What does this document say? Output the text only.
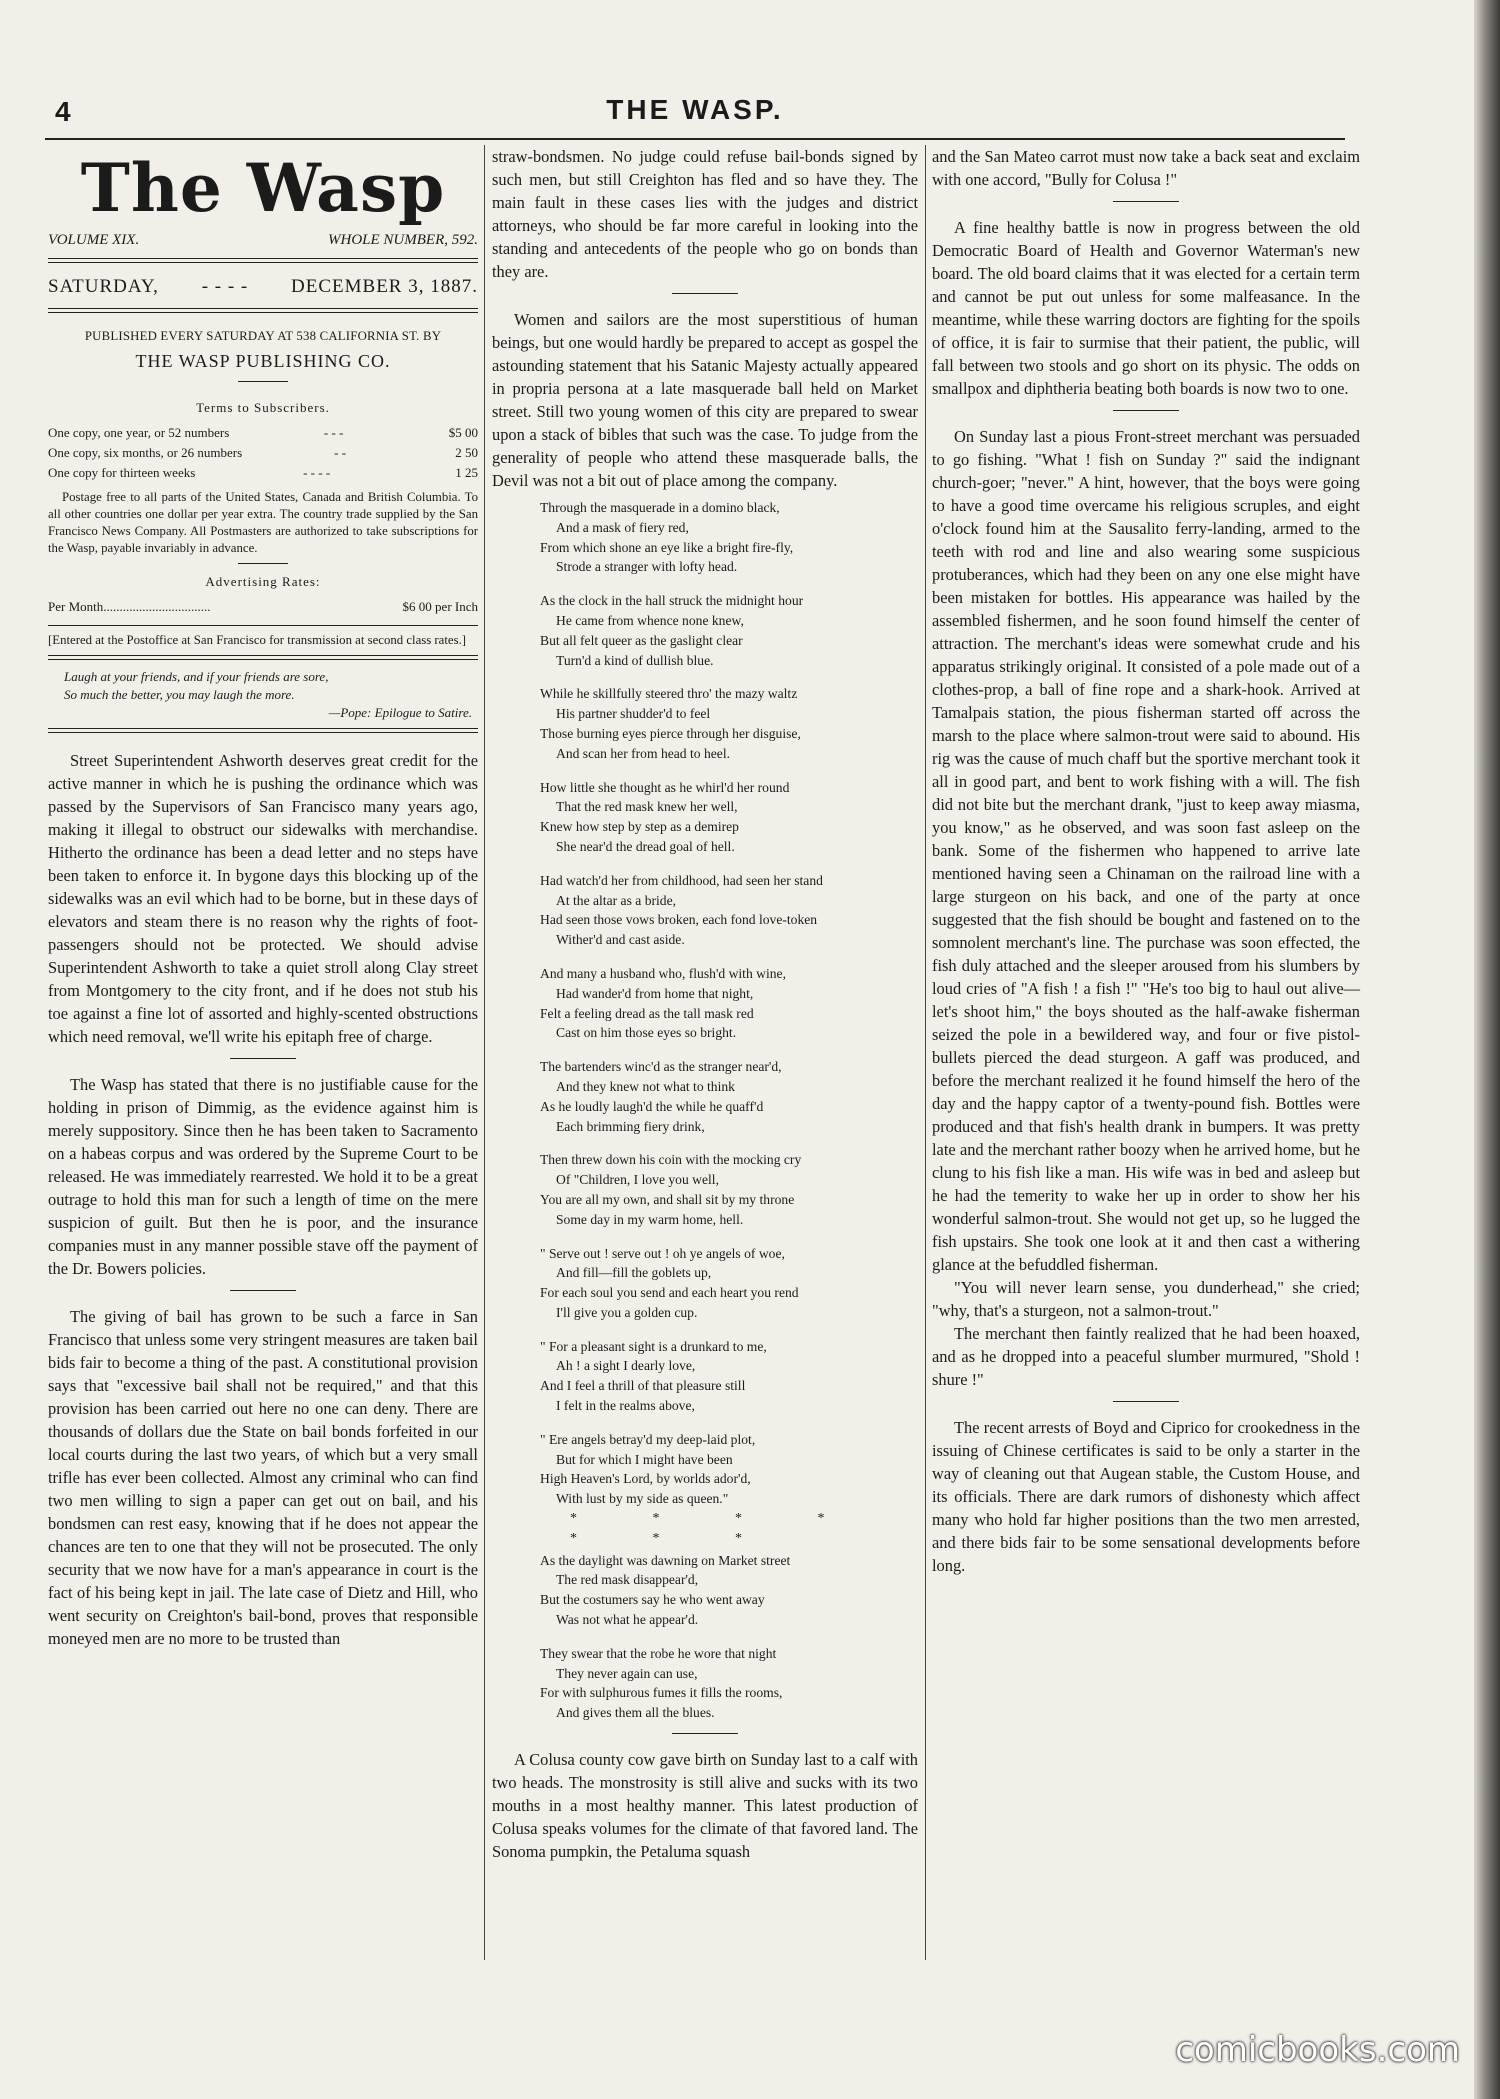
4	THE WASP.
The Wasp
VOLUME XIX.	WHOLE NUMBER, 592.
SATURDAY, - - - - DECEMBER 3, 1887.
PUBLISHED EVERY SATURDAY AT 538 CALIFORNIA ST. BY
THE WASP PUBLISHING CO.
Terms to Subscribers.
One copy, one year, or 52 numbers	- - -	$5 00
One copy, six months, or 26 numbers	- -	2 50
One copy for thirteen weeks	- - - -	1 25
Postage free to all parts of the United States, Canada and British Columbia. To all other countries one dollar per year extra. The country trade supplied by the San Francisco News Company. All Postmasters are authorized to take subscriptions for the Wasp, payable invariably in advance.
Advertising Rates:
Per Month.................................	$6 00 per Inch
[Entered at the Postoffice at San Francisco for transmission at second class rates.]
Laugh at your friends, and if your friends are sore,
So much the better, you may laugh the more.
—Pope: Epilogue to Satire.

Street Superintendent Ashworth deserves great credit for the active manner in which he is pushing the ordinance which was passed by the Supervisors of San Francisco many years ago, making it illegal to obstruct our sidewalks with merchandise. Hitherto the ordinance has been a dead letter and no steps have been taken to enforce it. In bygone days this blocking up of the sidewalks was an evil which had to be borne, but in these days of elevators and steam there is no reason why the rights of foot-passengers should not be protected. We should advise Superintendent Ashworth to take a quiet stroll along Clay street from Montgomery to the city front, and if he does not stub his toe against a fine lot of assorted and highly-scented obstructions which need removal, we'll write his epitaph free of charge.

The Wasp has stated that there is no justifiable cause for the holding in prison of Dimmig, as the evidence against him is merely suppository. Since then he has been taken to Sacramento on a habeas corpus and was ordered by the Supreme Court to be released. He was immediately rearrested. We hold it to be a great outrage to hold this man for such a length of time on the mere suspicion of guilt. But then he is poor, and the insurance companies must in any manner possible stave off the payment of the Dr. Bowers policies.

The giving of bail has grown to be such a farce in San Francisco that unless some very stringent measures are taken bail bids fair to become a thing of the past. A constitutional provision says that "excessive bail shall not be required," and that this provision has been carried out here no one can deny. There are thousands of dollars due the State on bail bonds forfeited in our local courts during the last two years, of which but a very small trifle has ever been collected. Almost any criminal who can find two men willing to sign a paper can get out on bail, and his bondsmen can rest easy, knowing that if he does not appear the chances are ten to one that they will not be prosecuted. The only security that we now have for a man's appearance in court is the fact of his being kept in jail. The late case of Dietz and Hill, who went security on Creighton's bail-bond, proves that responsible moneyed men are no more to be trusted than

straw-bondsmen. No judge could refuse bail-bonds signed by such men, but still Creighton has fled and so have they. The main fault in these cases lies with the judges and district attorneys, who should be far more careful in looking into the standing and antecedents of the people who go on bonds than they are.

Women and sailors are the most superstitious of human beings, but one would hardly be prepared to accept as gospel the astounding statement that his Satanic Majesty actually appeared in propria persona at a late masquerade ball held on Market street. Still two young women of this city are prepared to swear upon a stack of bibles that such was the case. To judge from the generality of people who attend these masquerade balls, the Devil was not a bit out of place among the company.

Through the masquerade in a domino black,
And a mask of fiery red,
From which shone an eye like a bright fire-fly,
Strode a stranger with lofty head.
As the clock in the hall struck the midnight hour
He came from whence none knew,
But all felt queer as the gaslight clear
Turn'd a kind of dullish blue.
While he skillfully steered thro' the mazy waltz
His partner shudder'd to feel
Those burning eyes pierce through her disguise,
And scan her from head to heel.
How little she thought as he whirl'd her round
That the red mask knew her well,
Knew how step by step as a demirep
She near'd the dread goal of hell.
Had watch'd her from childhood, had seen her stand
At the altar as a bride,
Had seen those vows broken, each fond love-token
Wither'd and cast aside.
And many a husband who, flush'd with wine,
Had wander'd from home that night,
Felt a feeling dread as the tall mask red
Cast on him those eyes so bright.
The bartenders winc'd as the stranger near'd,
And they knew not what to think
As he loudly laugh'd the while he quaff'd
Each brimming fiery drink,
Then threw down his coin with the mocking cry
Of "Children, I love you well,
You are all my own, and shall sit by my throne
Some day in my warm home, hell.
" Serve out ! serve out ! oh ye angels of woe,
And fill—fill the goblets up,
For each soul you send and each heart you rend
I'll give you a golden cup.
" For a pleasant sight is a drunkard to me,
Ah ! a sight I dearly love,
And I feel a thrill of that pleasure still
I felt in the realms above,
" Ere angels betray'd my deep-laid plot,
But for which I might have been
High Heaven's Lord, by worlds ador'd,
With lust by my side as queen."
* * * * * * *
As the daylight was dawning on Market street
The red mask disappear'd,
But the costumers say he who went away
Was not what he appear'd.
They swear that the robe he wore that night
They never again can use,
For with sulphurous fumes it fills the rooms,
And gives them all the blues.

A Colusa county cow gave birth on Sunday last to a calf with two heads. The monstrosity is still alive and sucks with its two mouths in a most healthy manner. This latest production of Colusa speaks volumes for the climate of that favored land. The Sonoma pumpkin, the Petaluma squash

and the San Mateo carrot must now take a back seat and exclaim with one accord, "Bully for Colusa !"

A fine healthy battle is now in progress between the old Democratic Board of Health and Governor Waterman's new board. The old board claims that it was elected for a certain term and cannot be put out unless for some malfeasance. In the meantime, while these warring doctors are fighting for the spoils of office, it is fair to surmise that their patient, the public, will fall between two stools and go short on its physic. The odds on smallpox and diphtheria beating both boards is now two to one.

On Sunday last a pious Front-street merchant was persuaded to go fishing. "What ! fish on Sunday ?" said the indignant church-goer; "never." A hint, however, that the boys were going to have a good time overcame his religious scruples, and eight o'clock found him at the Sausalito ferry-landing, armed to the teeth with rod and line and also wearing some suspicious protuberances, which had they been on any one else might have been mistaken for bottles. His appearance was hailed by the assembled fishermen, and he soon found himself the center of attraction. The merchant's ideas were somewhat crude and his apparatus strikingly original. It consisted of a pole made out of a clothes-prop, a ball of fine rope and a shark-hook. Arrived at Tamalpais station, the pious fisherman started off across the marsh to the place where salmon-trout were said to abound. His rig was the cause of much chaff but the sportive merchant took it all in good part, and bent to work fishing with a will. The fish did not bite but the merchant drank, "just to keep away miasma, you know," as he observed, and was soon fast asleep on the bank. Some of the fishermen who happened to arrive late mentioned having seen a Chinaman on the railroad line with a large sturgeon on his back, and one of the party at once suggested that the fish should be bought and fastened on to the somnolent merchant's line. The purchase was soon effected, the fish duly attached and the sleeper aroused from his slumbers by loud cries of "A fish ! a fish !" "He's too big to haul out alive—let's shoot him," the boys shouted as the half-awake fisherman seized the pole in a bewildered way, and four or five pistol-bullets pierced the dead sturgeon. A gaff was produced, and before the merchant realized it he found himself the hero of the day and the happy captor of a twenty-pound fish. Bottles were produced and that fish's health drank in bumpers. It was pretty late and the merchant rather boozy when he arrived home, but he clung to his fish like a man. His wife was in bed and asleep but he had the temerity to wake her up in order to show her his wonderful salmon-trout. She would not get up, so he lugged the fish upstairs. She took one look at it and then cast a withering glance at the befuddled fisherman.

"You will never learn sense, you dunderhead," she cried; "why, that's a sturgeon, not a salmon-trout."

The merchant then faintly realized that he had been hoaxed, and as he dropped into a peaceful slumber murmured, "Shold ! shure !"

The recent arrests of Boyd and Ciprico for crookedness in the issuing of Chinese certificates is said to be only a starter in the way of cleaning out that Augean stable, the Custom House, and its officials. There are dark rumors of dishonesty which affect many who hold far higher positions than the two men arrested, and there bids fair to be some sensational developments before long.

comicbooks.com
